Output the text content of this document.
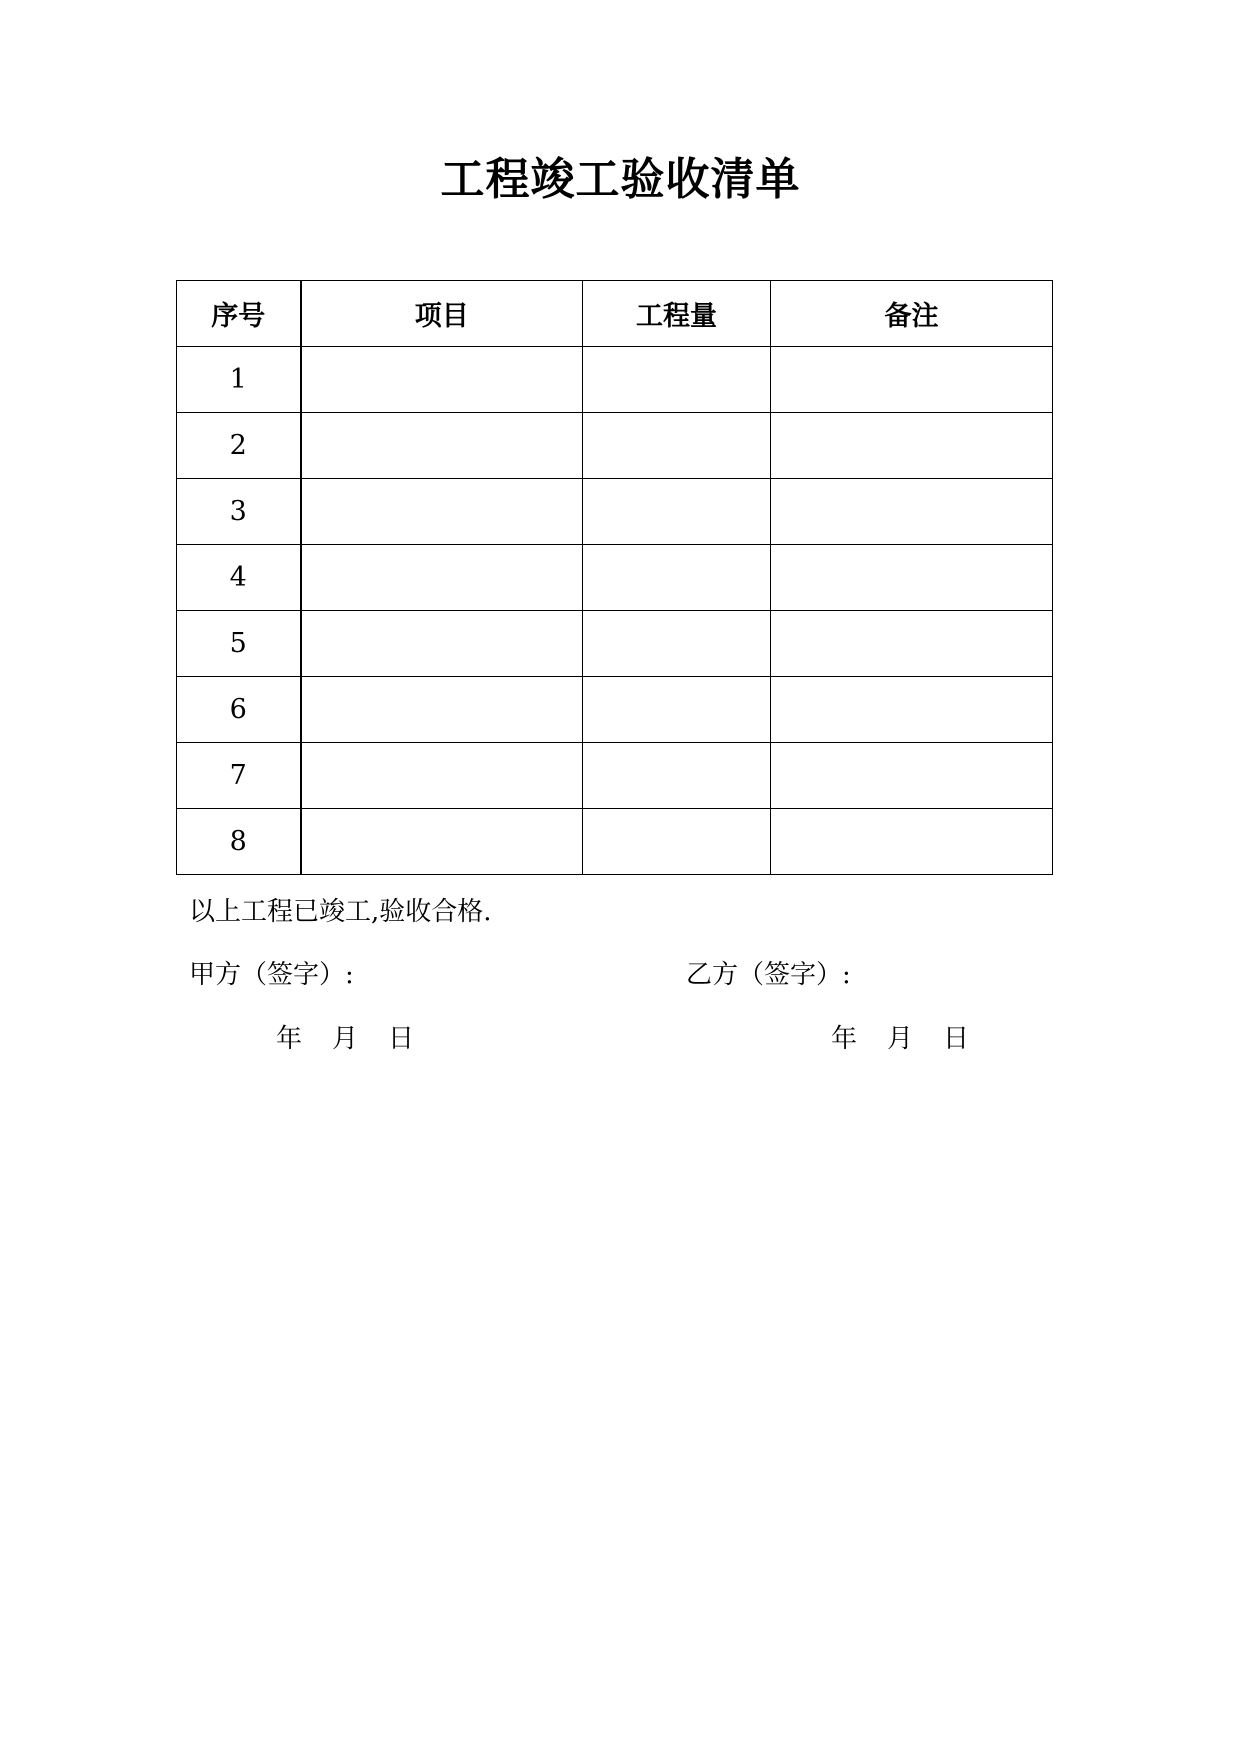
工程竣工验收清单
序号	项目	工程量	备注
1			
2			
3			
4			
5			
6			
7			
8			
以上工程已竣工,验收合格.
甲方（签字）:	乙方（签字）:
年 月 日	年 月 日
